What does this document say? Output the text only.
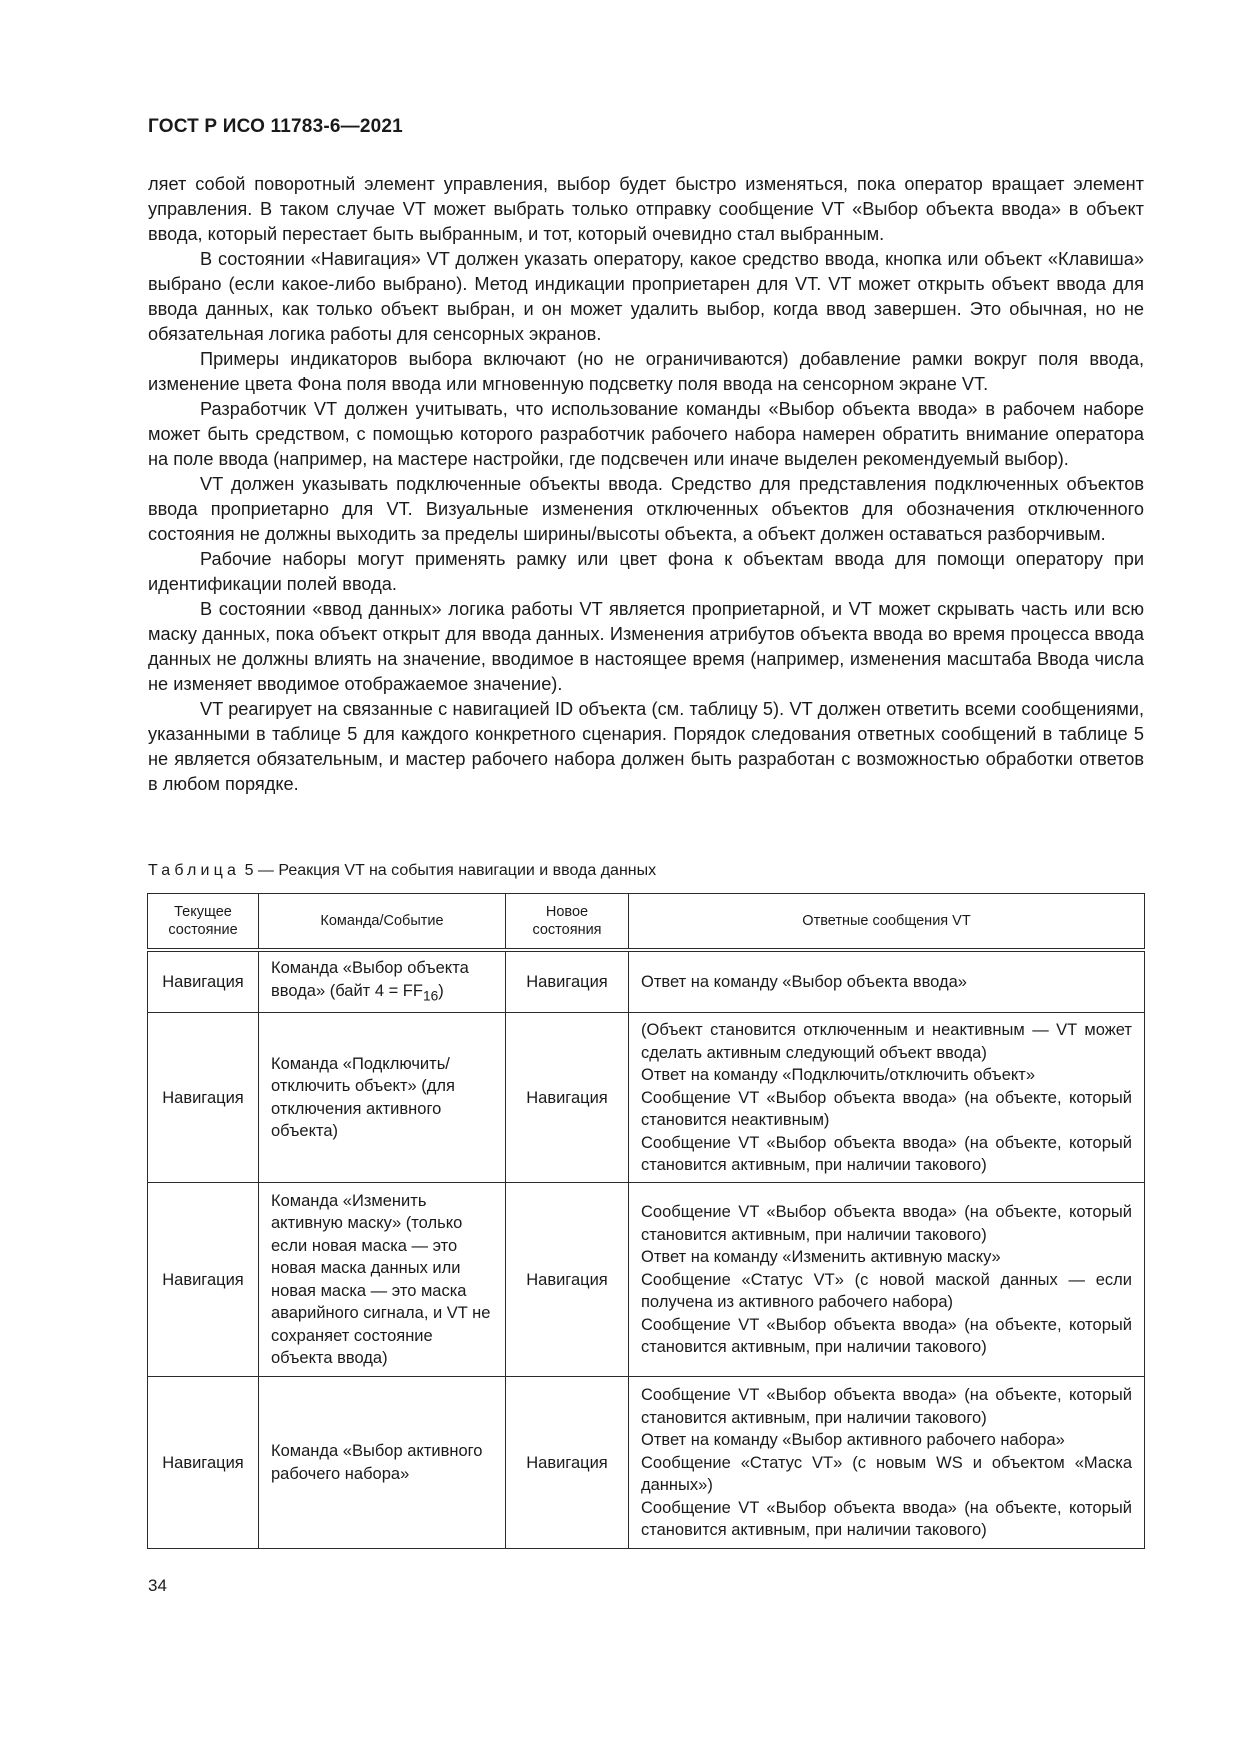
ГОСТ Р ИСО 11783-6—2021

ляет собой поворотный элемент управления, выбор будет быстро изменяться, пока оператор вращает элемент управления. В таком случае VT может выбрать только отправку сообщение VT «Выбор объекта ввода» в объект ввода, который перестает быть выбранным, и тот, который очевидно стал выбранным.

В состоянии «Навигация» VT должен указать оператору, какое средство ввода, кнопка или объект «Клавиша» выбрано (если какое-либо выбрано). Метод индикации проприетарен для VT. VT может открыть объект ввода для ввода данных, как только объект выбран, и он может удалить выбор, когда ввод завершен. Это обычная, но не обязательная логика работы для сенсорных экранов.

Примеры индикаторов выбора включают (но не ограничиваются) добавление рамки вокруг поля ввода, изменение цвета Фона поля ввода или мгновенную подсветку поля ввода на сенсорном экране VT.

Разработчик VT должен учитывать, что использование команды «Выбор объекта ввода» в рабочем наборе может быть средством, с помощью которого разработчик рабочего набора намерен обратить внимание оператора на поле ввода (например, на мастере настройки, где подсвечен или иначе выделен рекомендуемый выбор).

VT должен указывать подключенные объекты ввода. Средство для представления подключенных объектов ввода проприетарно для VT. Визуальные изменения отключенных объектов для обозначения отключенного состояния не должны выходить за пределы ширины/высоты объекта, а объект должен оставаться разборчивым.

Рабочие наборы могут применять рамку или цвет фона к объектам ввода для помощи оператору при идентификации полей ввода.

В состоянии «ввод данных» логика работы VT является проприетарной, и VT может скрывать часть или всю маску данных, пока объект открыт для ввода данных. Изменения атрибутов объекта ввода во время процесса ввода данных не должны влиять на значение, вводимое в настоящее время (например, изменения масштаба Ввода числа не изменяет вводимое отображаемое значение).

VT реагирует на связанные с навигацией ID объекта (см. таблицу 5). VT должен ответить всеми сообщениями, указанными в таблице 5 для каждого конкретного сценария. Порядок следования ответных сообщений в таблице 5 не является обязательным, и мастер рабочего набора должен быть разработан с возможностью обработки ответов в любом порядке.

Таблица 5 — Реакция VT на события навигации и ввода данных
Текущее состояние	Команда/Событие	Новое состояния	Ответные сообщения VT
Навигация	Команда «Выбор объекта ввода» (байт $4 = FF_{16}$)	Навигация	Ответ на команду «Выбор объекта ввода»

Навигация	Команда «Подключить/отключить объект» (для отключения активного объекта)	Навигация	(Объект становится отключенным и неактивным — VT может сделать активным следующий объект ввода)
Ответ на команду «Подключить/отключить объект»
Сообщение VT «Выбор объекта ввода» (на объекте, который становится неактивным)
Сообщение VT «Выбор объекта ввода» (на объекте, который становится активным, при наличии такового)

Навигация	Команда «Изменить активную маску» (только если новая маска — это новая маска данных или новая маска — это маска аварийного сигнала, и VT не сохраняет состояние объекта ввода)	Навигация	Сообщение VT «Выбор объекта ввода» (на объекте, который становится активным, при наличии такового)
Ответ на команду «Изменить активную маску»
Сообщение «Статус VT» (с новой маской данных — если получена из активного рабочего набора)
Сообщение VT «Выбор объекта ввода» (на объекте, который становится активным, при наличии такового)

Навигация	Команда «Выбор активного рабочего набора»	Навигация	Сообщение VT «Выбор объекта ввода» (на объекте, который становится активным, при наличии такового)
Ответ на команду «Выбор активного рабочего набора»
Сообщение «Статус VT» (с новым WS и объектом «Маска данных»)
Сообщение VT «Выбор объекта ввода» (на объекте, который становится активным, при наличии такового)
34
